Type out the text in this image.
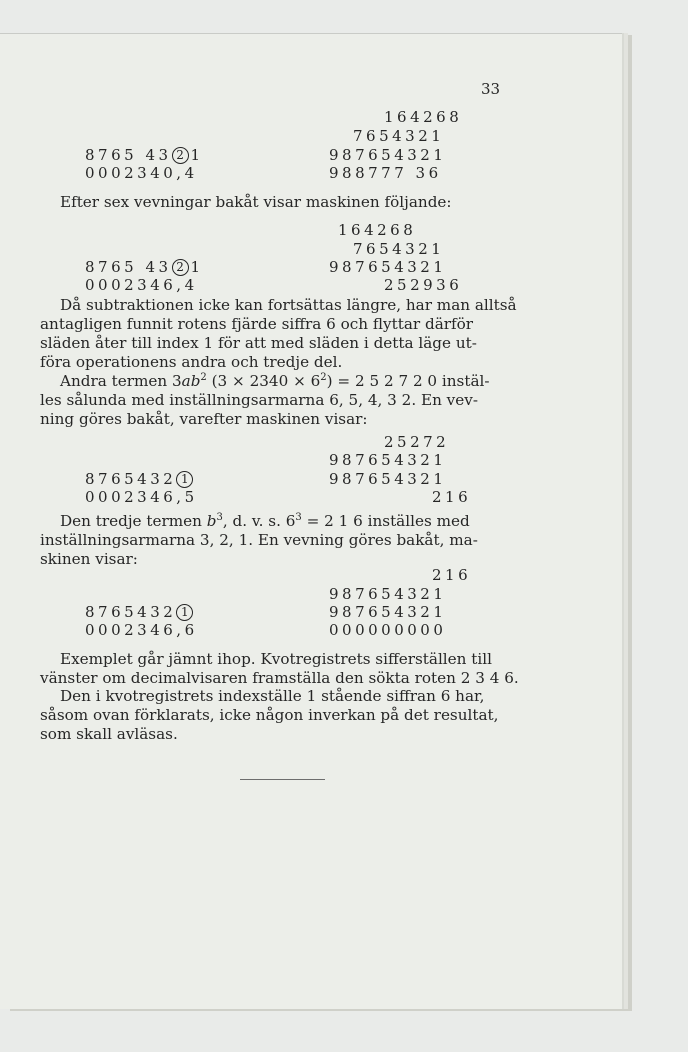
33
164268
7654321
8765 43 2 1	987654321
0002340,4	988777 36
Efter sex vevningar bakåt visar maskinen följande:
164268
7654321
8765 43 2 1	987654321
0002346,4	252936
Då subtraktionen icke kan fortsättas längre, har man alltså
antagligen funnit rotens fjärde siffra 6 och flyttar därför
släden åter till index 1 för att med släden i detta läge ut-
föra operationens andra och tredje del.
Andra termen $3ab^2$ $(3 \times 2340 \times 6^2) = 2$ 5 2 7 2 0 instäl-
les sålunda med inställningsarmarna 6, 5, 4, 3 2. En vev-
ning göres bakåt, varefter maskinen visar:
25272
987654321
8765432 1	987654321
0002346,5	216
Den tredje termen $b^3$, d. v. s. $6^3 = 2$ 1 6 inställes med
inställningsarmarna 3, 2, 1. En vevning göres bakåt, ma-
skinen visar:
216
987654321
8765432 1	987654321
0002346,6	000000000
Exemplet går jämnt ihop. Kvotregistrets sifferställen till
vänster om decimalvisaren framställa den sökta roten 2 3 4 6.
Den i kvotregistrets indexställe 1 stående siffran 6 har,
såsom ovan förklarats, icke någon inverkan på det resultat,
som skall avläsas.
